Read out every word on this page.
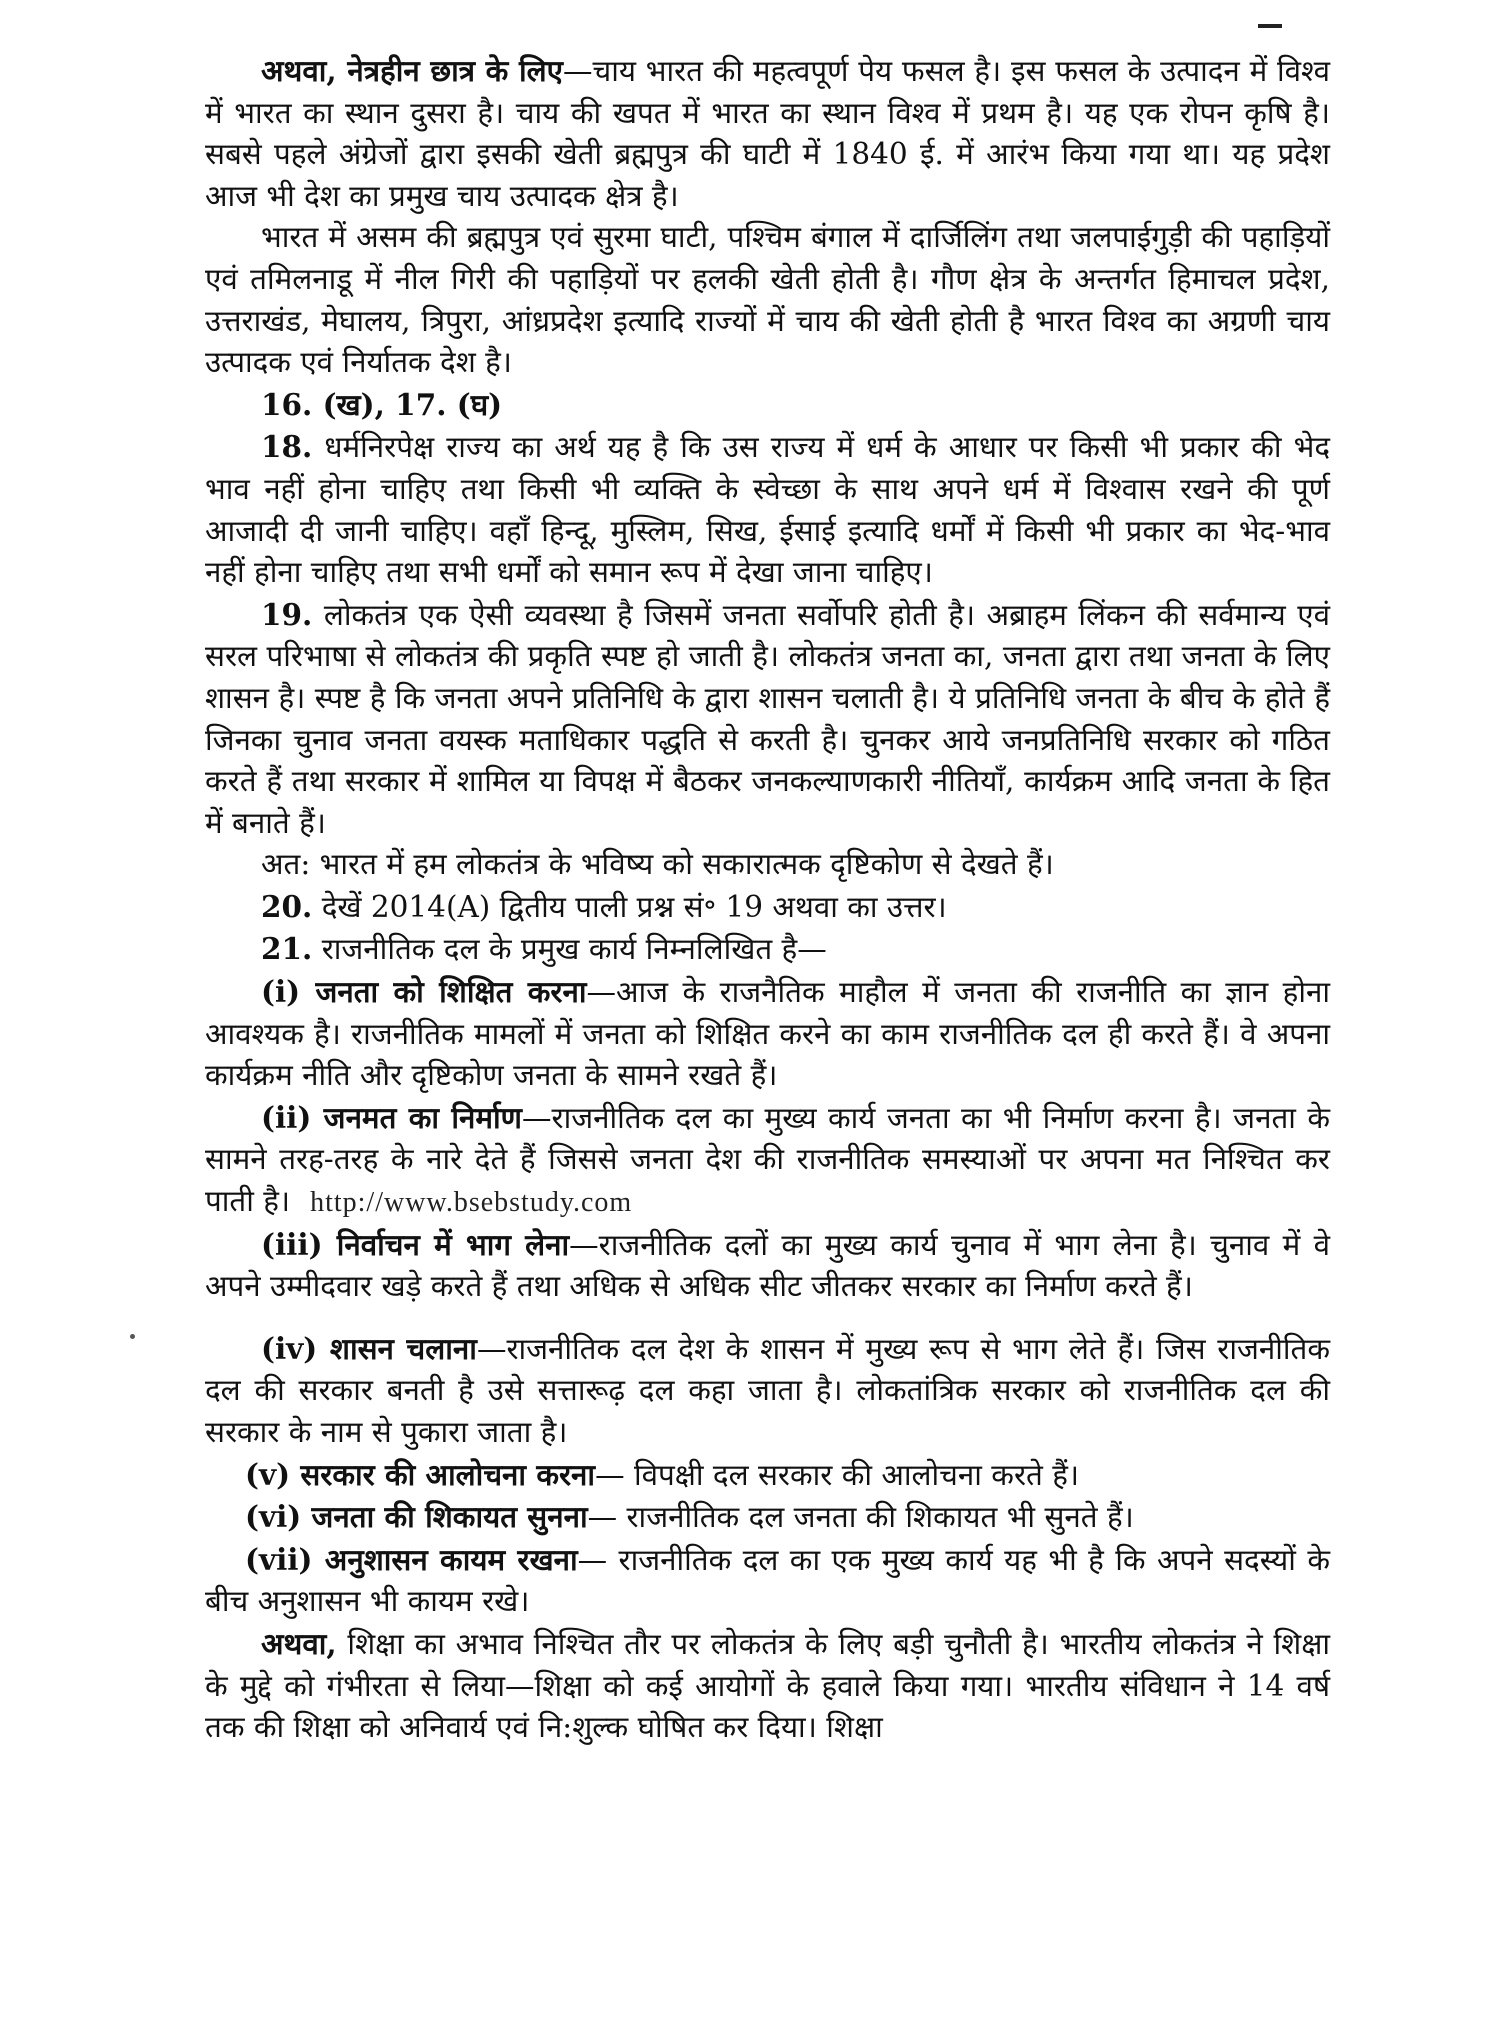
अथवा, नेत्रहीन छात्र के लिए—चाय भारत की महत्वपूर्ण पेय फसल है। इस फसल के उत्पादन में विश्व में भारत का स्थान दुसरा है। चाय की खपत में भारत का स्थान विश्व में प्रथम है। यह एक रोपन कृषि है। सबसे पहले अंग्रेजों द्वारा इसकी खेती ब्रह्मपुत्र की घाटी में 1840 ई. में आरंभ किया गया था। यह प्रदेश आज भी देश का प्रमुख चाय उत्पादक क्षेत्र है।

भारत में असम की ब्रह्मपुत्र एवं सुरमा घाटी, पश्चिम बंगाल में दार्जिलिंग तथा जलपाईगुड़ी की पहाड़ियों एवं तमिलनाडू में नील गिरी की पहाड़ियों पर हलकी खेती होती है। गौण क्षेत्र के अन्तर्गत हिमाचल प्रदेश, उत्तराखंड, मेघालय, त्रिपुरा, आंध्रप्रदेश इत्यादि राज्यों में चाय की खेती होती है भारत विश्व का अग्रणी चाय उत्पादक एवं निर्यातक देश है।

16. (ख), 17. (घ)

18. धर्मनिरपेक्ष राज्य का अर्थ यह है कि उस राज्य में धर्म के आधार पर किसी भी प्रकार की भेद भाव नहीं होना चाहिए तथा किसी भी व्यक्ति के स्वेच्छा के साथ अपने धर्म में विश्वास रखने की पूर्ण आजादी दी जानी चाहिए। वहाँ हिन्दू, मुस्लिम, सिख, ईसाई इत्यादि धर्मों में किसी भी प्रकार का भेद-भाव नहीं होना चाहिए तथा सभी धर्मों को समान रूप में देखा जाना चाहिए।

19. लोकतंत्र एक ऐसी व्यवस्था है जिसमें जनता सर्वोपरि होती है। अब्राहम लिंकन की सर्वमान्य एवं सरल परिभाषा से लोकतंत्र की प्रकृति स्पष्ट हो जाती है। लोकतंत्र जनता का, जनता द्वारा तथा जनता के लिए शासन है। स्पष्ट है कि जनता अपने प्रतिनिधि के द्वारा शासन चलाती है। ये प्रतिनिधि जनता के बीच के होते हैं जिनका चुनाव जनता वयस्क मताधिकार पद्धति से करती है। चुनकर आये जनप्रतिनिधि सरकार को गठित करते हैं तथा सरकार में शामिल या विपक्ष में बैठकर जनकल्याणकारी नीतियाँ, कार्यक्रम आदि जनता के हित में बनाते हैं।

अत: भारत में हम लोकतंत्र के भविष्य को सकारात्मक दृष्टिकोण से देखते हैं।

20. देखें 2014(A) द्वितीय पाली प्रश्न सं॰ 19 अथवा का उत्तर।

21. राजनीतिक दल के प्रमुख कार्य निम्नलिखित है—

(i) जनता को शिक्षित करना—आज के राजनैतिक माहौल में जनता की राजनीति का ज्ञान होना आवश्यक है। राजनीतिक मामलों में जनता को शिक्षित करने का काम राजनीतिक दल ही करते हैं। वे अपना कार्यक्रम नीति और दृष्टिकोण जनता के सामने रखते हैं।

(ii) जनमत का निर्माण—राजनीतिक दल का मुख्य कार्य जनता का भी निर्माण करना है। जनता के सामने तरह-तरह के नारे देते हैं जिससे जनता देश की राजनीतिक समस्याओं पर अपना मत निश्चित कर पाती है। http://www.bsebstudy.com

(iii) निर्वाचन में भाग लेना—राजनीतिक दलों का मुख्य कार्य चुनाव में भाग लेना है। चुनाव में वे अपने उम्मीदवार खड़े करते हैं तथा अधिक से अधिक सीट जीतकर सरकार का निर्माण करते हैं।

(iv) शासन चलाना—राजनीतिक दल देश के शासन में मुख्य रूप से भाग लेते हैं। जिस राजनीतिक दल की सरकार बनती है उसे सत्तारूढ़ दल कहा जाता है। लोकतांत्रिक सरकार को राजनीतिक दल की सरकार के नाम से पुकारा जाता है।

(v) सरकार की आलोचना करना— विपक्षी दल सरकार की आलोचना करते हैं।

(vi) जनता की शिकायत सुनना— राजनीतिक दल जनता की शिकायत भी सुनते हैं।

(vii) अनुशासन कायम रखना— राजनीतिक दल का एक मुख्य कार्य यह भी है कि अपने सदस्यों के बीच अनुशासन भी कायम रखे।

अथवा, शिक्षा का अभाव निश्चित तौर पर लोकतंत्र के लिए बड़ी चुनौती है। भारतीय लोकतंत्र ने शिक्षा के मुद्दे को गंभीरता से लिया—शिक्षा को कई आयोगों के हवाले किया गया। भारतीय संविधान ने 14 वर्ष तक की शिक्षा को अनिवार्य एवं नि:शुल्क घोषित कर दिया। शिक्षा
